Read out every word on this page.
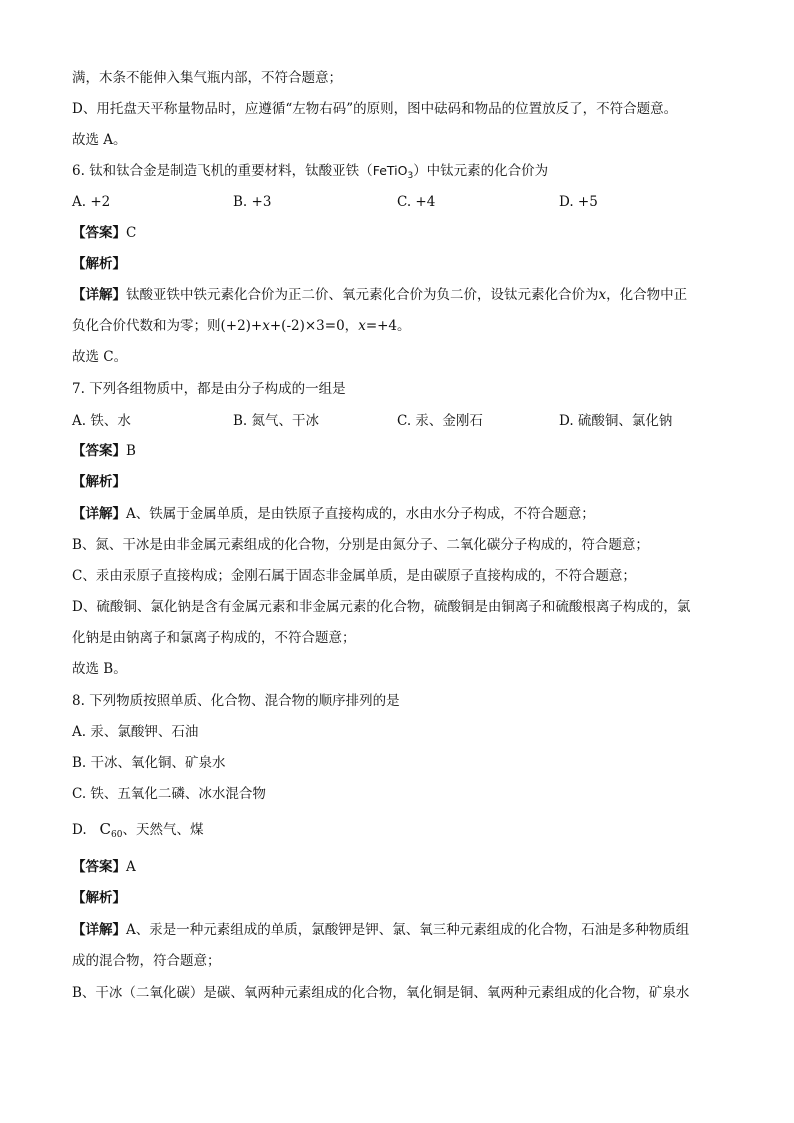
满，木条不能伸入集气瓶内部，不符合题意；
D、用托盘天平称量物品时，应遵循“左物右码”的原则，图中砝码和物品的位置放反了，不符合题意。
故选 A。
6. 钛和钛合金是制造飞机的重要材料，钛酸亚铁（FeTiO$_3$）中钛元素的化合价为
A. +2	B. +3	C. +4	D. +5
【答案】C
【解析】
【详解】钛酸亚铁中铁元素化合价为正二价、氧元素化合价为负二价，设钛元素化合价为x，化合物中正
负化合价代数和为零；则(+2)+x+(-2)×3=0，x=+4。
故选 C。
7. 下列各组物质中，都是由分子构成的一组是
A. 铁、水	B. 氮气、干冰	C. 汞、金刚石	D. 硫酸铜、氯化钠
【答案】B
【解析】
【详解】A、铁属于金属单质，是由铁原子直接构成的，水由水分子构成，不符合题意；
B、氮、干冰是由非金属元素组成的化合物，分别是由氮分子、二氧化碳分子构成的，符合题意；
C、汞由汞原子直接构成；金刚石属于固态非金属单质，是由碳原子直接构成的，不符合题意；
D、硫酸铜、氯化钠是含有金属元素和非金属元素的化合物，硫酸铜是由铜离子和硫酸根离子构成的，氯
化钠是由钠离子和氯离子构成的，不符合题意；
故选 B。
8. 下列物质按照单质、化合物、混合物的顺序排列的是
A. 汞、氯酸钾、石油
B. 干冰、氧化铜、矿泉水
C. 铁、五氧化二磷、冰水混合物
D. $C_{60}$、天然气、煤
【答案】A
【解析】
【详解】A、汞是一种元素组成的单质，氯酸钾是钾、氯、氧三种元素组成的化合物，石油是多种物质组
成的混合物，符合题意；
B、干冰（二氧化碳）是碳、氧两种元素组成的化合物，氧化铜是铜、氧两种元素组成的化合物，矿泉水
